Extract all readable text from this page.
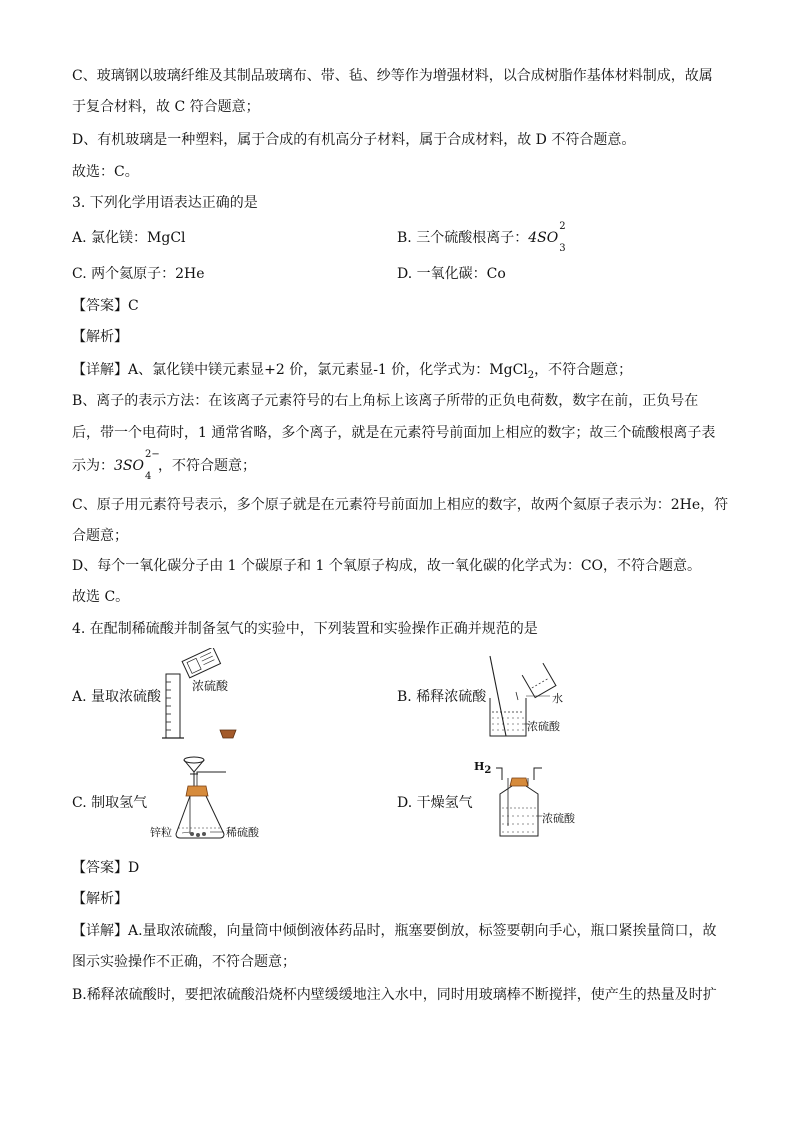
C、玻璃钢以玻璃纤维及其制品玻璃布、带、毡、纱等作为增强材料，以合成树脂作基体材料制成，故属
于复合材料，故 C 符合题意；
D、有机玻璃是一种塑料，属于合成的有机高分子材料，属于合成材料，故 D 不符合题意。
故选：C。
3. 下列化学用语表达正确的是
A. 氯化镁：MgCl	B. 三个硫酸根离子：4SO
2
3
C. 两个氦原子：2He	D. 一氧化碳：Co
【答案】C
【解析】
【详解】A、氯化镁中镁元素显+2 价，氯元素显-1 价，化学式为：MgCl$_2$，不符合题意；
B、离子的表示方法：在该离子元素符号的右上角标上该离子所带的正负电荷数，数字在前，正负号在
后，带一个电荷时，1 通常省略，多个离子，就是在元素符号前面加上相应的数字；故三个硫酸根离子表
示为：3SO
2−
4
，不符合题意；
C、原子用元素符号表示，多个原子就是在元素符号前面加上相应的数字，故两个氦原子表示为：2He，符
合题意；
D、每个一氧化碳分子由 1 个碳原子和 1 个氧原子构成，故一氧化碳的化学式为：CO，不符合题意。
故选 C。
4. 在配制稀硫酸并制备氢气的实验中，下列装置和实验操作正确并规范的是
A. 量取浓硫酸
浓硫酸
B. 稀释浓硫酸	水
浓硫酸
C. 制取氢气
锌粒	稀硫酸
D. 干燥氢气
$H_2$
浓硫酸
【答案】D
【解析】
【详解】A.量取浓硫酸，向量筒中倾倒液体药品时，瓶塞要倒放，标签要朝向手心，瓶口紧挨量筒口，故
图示实验操作不正确，不符合题意；
B.稀释浓硫酸时，要把浓硫酸沿烧杯内壁缓缓地注入水中，同时用玻璃棒不断搅拌，使产生的热量及时扩
